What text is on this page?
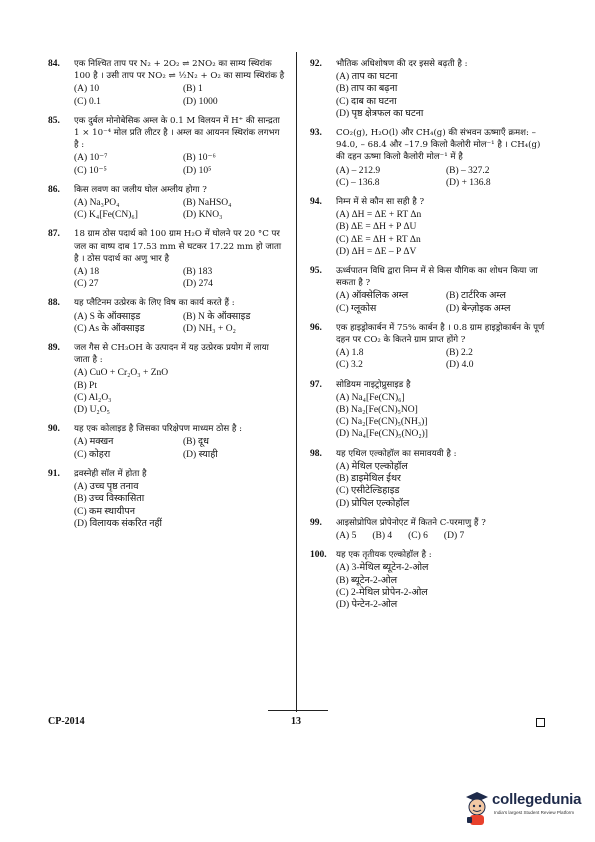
84.	एक निश्चित ताप पर N₂ + 2O₂ ⇌ 2NO₂ का साम्य स्थिरांक 100 है । उसी ताप पर NO₂ ⇌ ½N₂ + O₂ का साम्य स्थिरांक है
(A) 10	(B) 1
(C) 0.1	(D) 1000
85.	एक दुर्बल मोनोबेसिक अम्ल के 0.1 M विलयन में H⁺ की सान्द्रता 1 × 10⁻⁴ मोल प्रति लीटर है । अम्ल का आयनन स्थिरांक लगभग है :
(A) 10⁻⁷	(B) 10⁻⁶
(C) 10⁻⁵	(D) 10⁵
86.	किस लवण का जलीय घोल अम्लीय होगा ?
(A) Na₃PO₄	(B) NaHSO₄
(C) K₄[Fe(CN)₆]	(D) KNO₃
87.	18 ग्राम ठोस पदार्थ को 100 ग्राम H₂O में घोलने पर 20 °C पर जल का वाष्प दाब 17.53 mm से घटकर 17.22 mm हो जाता है । ठोस पदार्थ का अणु भार है
(A) 18	(B) 183
(C) 27	(D) 274
88.	यह प्लैटिनम उत्प्रेरक के लिए विष का कार्य करते हैं :
(A) S के ऑक्साइड	(B) N के ऑक्साइड
(C) As के ऑक्साइड	(D) NH₃ + O₂
89.	जल गैस से CH₃OH के उत्पादन में यह उत्प्रेरक प्रयोग में लाया जाता है :
(A) CuO + Cr₂O₃ + ZnO
(B) Pt
(C) Al₂O₃
(D) U₂O₅
90.	यह एक कोलाइड है जिसका परिक्षेपण माध्यम ठोस है :
(A) मक्खन	(B) दूध
(C) कोहरा	(D) स्याही
91.	द्रवस्नेही सॉल में होता है
(A) उच्च पृष्ठ तनाव
(B) उच्च विस्कासिता
(C) कम स्थायीपन
(D) विलायक संकरित नहीं
92.	भौतिक अधिशोषण की दर इससे बढ़ती है :
(A) ताप का घटना
(B) ताप का बढ़ना
(C) दाब का घटना
(D) पृष्ठ क्षेत्रफल का घटना
93.	CO₂(g), H₂O(l) और CH₄(g) की संभवन ऊष्माएँ क्रमश: – 94.0, – 68.4 और –17.9 किलो कैलोरी मोल⁻¹ है । CH₄(g) की दहन ऊष्मा किलो कैलोरी मोल⁻¹ में है
(A) – 212.9	(B) – 327.2
(C) – 136.8	(D) + 136.8
94.	निम्न में से कौन सा सही है ?
(A) ΔH = ΔE + RT Δn
(B) ΔE = ΔH + P ΔU
(C) ΔE = ΔH + RT Δn
(D) ΔH = ΔE – P ΔV
95.	ऊर्ध्वपातन विधि द्वारा निम्न में से किस यौगिक का शोधन किया जा सकता है ?
(A) ऑक्सेलिक अम्ल	(B) टार्टरिक अम्ल
(C) ग्लूकोस	(D) बेन्ज़ोइक अम्ल
96.	एक हाइड्रोकार्बन में 75% कार्बन है । 0.8 ग्राम हाइड्रोकार्बन के पूर्ण दहन पर CO₂ के कितने ग्राम प्राप्त होंगे ?
(A) 1.8	(B) 2.2
(C) 3.2	(D) 4.0
97.	सोडियम नाइट्रोप्रुसाइड है
(A) Na₄[Fe(CN)₆]
(B) Na₂[Fe(CN)₅NO]
(C) Na₂[Fe(CN)₅(NH₃)]
(D) Na₄[Fe(CN)₅(NO₂)]
98.	यह एथिल एल्कोहॉल का समावयवी है :
(A) मेथिल एल्कोहॉल
(B) डाइमेथिल ईथर
(C) एसीटेल्डिहाइड
(D) प्रोपिल एल्कोहॉल
99.	आइसोप्रोपिल प्रोपेनोएट में कितने C-परमाणु हैं ?
(A) 5 (B) 4 (C) 6 (D) 7
100.	यह एक तृतीयक एल्कोहॉल है :
(A) 3-मेथिल ब्यूटेन-2-ओल
(B) ब्यूटेन-2-ओल
(C) 2-मेथिल प्रोपेन-2-ओल
(D) पेन्टेन-2-ओल
CP-2014	13
collegedunia
India's largest Student Review Platform
